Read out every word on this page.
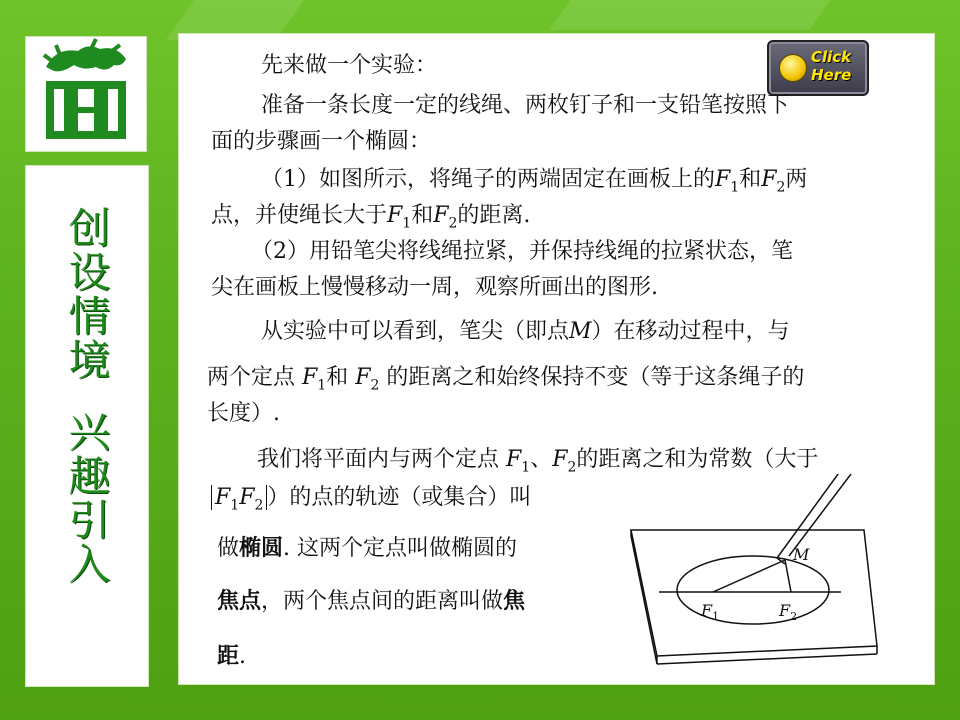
创设情境
兴趣引入
Click
Here
先来做一个实验：
准备一条长度一定的线绳、两枚钉子和一支铅笔按照下
面的步骤画一个椭圆：
（1）如图所示，将绳子的两端固定在画板上的$F_1$和$F_2$两
点，并使绳长大于$F_1$和$F_2$的距离.
（2）用铅笔尖将线绳拉紧，并保持线绳的拉紧状态，笔
尖在画板上慢慢移动一周，观察所画出的图形.
从实验中可以看到，笔尖（即点M）在移动过程中，与
两个定点 $F_1$和 $F_2$ 的距离之和始终保持不变（等于这条绳子的
长度）.
我们将平面内与两个定点 $F_1$、$F_2$的距离之和为常数（大于
$F_1F_2$ ）的点的轨迹（或集合）叫
做椭圆. 这两个定点叫做椭圆的
焦点，两个焦点间的距离叫做焦
距.
M
$F_1$	$F_2$
